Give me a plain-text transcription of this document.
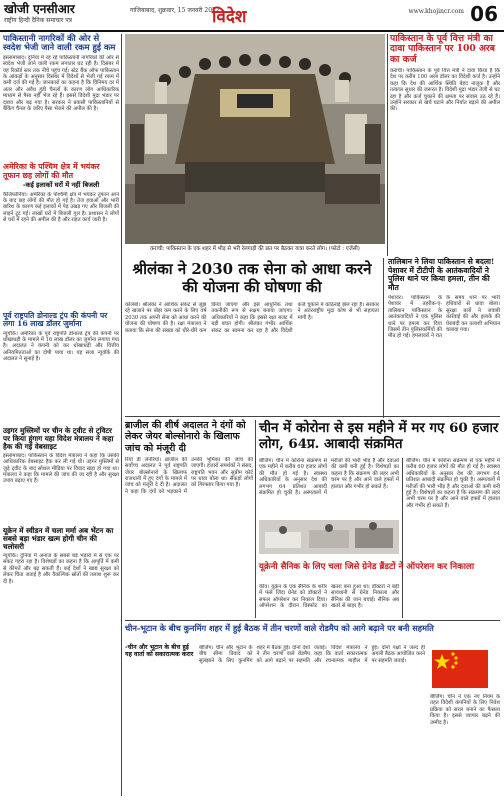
खोजी एनसीआर
राष्ट्रीय हिन्दी दैनिक समाचार पत्र
गाजियाबाद, शुक्रवार, 15 जनवरी 2022
विदेश	www.khojincr.com 06
पाकिस्तानी नागरिकों की ओर से स्वदेश भेजी जाने वाली रकम हुई कम
इस्लामाबाद। दुनिया में रह रहे पाकिस्तानी नागरिकों की ओर से स्वदेश भेजी जाने वाली रकम लगातार घट रही है। दिसंबर में यह रिकॉर्ड स्तर तक नीचे पहुंच गई। स्टेट बैंक ऑफ पाकिस्तान के आंकड़ों के अनुसार दिसंबर में विदेशों से भेजी गई रकम में कमी दर्ज की गई है। जानकारों का कहना है कि विनिमय दर में अंतर और अवैध हुंडी चैनलों के कारण लोग आधिकारिक माध्यम से पैसा नहीं भेज रहे हैं। इससे विदेशी मुद्रा भंडार पर दबाव और बढ़ गया है। सरकार ने प्रवासी पाकिस्तानियों से बैंकिंग चैनल के जरिए पैसा भेजने की अपील की है।
अमेरिका के पश्चिम क्षेत्र में भयंकर तूफान छह लोगों की मौत
-कई इलाकों घरों में नहीं बिजली
कैलिफोर्निया। अमेरिका के पश्चिमी क्षेत्र में भयंकर तूफान आने के बाद छह लोगों की मौत हो गई है। तेज हवाओं और भारी बारिश के कारण कई इलाकों में पेड़ उखड़ गए और बिजली की लाइनें टूट गईं। लाखों घरों में बिजली गुल है। प्रशासन ने लोगों से घरों में रहने की अपील की है और राहत कार्य जारी है।
पूर्व राष्ट्रपति डोनाल्ड ट्रंप की कंपनी पर लगा 16 लाख डॉलर जुर्माना
न्यूयॉर्क। अमेरिका के पूर्व राष्ट्रपति डोनाल्ड ट्रंप की कंपनी पर धोखाधड़ी के मामले में 16 लाख डॉलर का जुर्माना लगाया गया है। अदालत ने कंपनी को कर धोखाधड़ी और वित्तीय अनियमितताओं का दोषी पाया था। यह सजा न्यूयॉर्क की अदालत ने सुनाई है।
उइगर मुस्लिमों पर चीन के ट्वीट से ट्विटर पर किया हुंगाग यहा विदेश मंत्रालय ने कहा हैक की गई वेबसाइट
इस्लामाबाद। पाकिस्तान के विदेश मंत्रालय ने कहा कि उसकी आधिकारिक वेबसाइट हैक कर ली गई थी। उइगर मुस्लिमों से जुड़े ट्वीट के बाद सोशल मीडिया पर विवाद खड़ा हो गया था। मंत्रालय ने कहा कि मामले की जांच की जा रही है और सुरक्षा उपाय बढ़ाए गए हैं।
यूक्रेन में स्वीडन में चला मर्मा अब भेंटन का सबसे बड़ा भंडार खत्म होगी चीन की चलोसरी
न्यूयॉर्क। दुनिया में अनाज के सबसे बड़े भंडारों में से एक पर संकट गहरा रहा है। विशेषज्ञों का कहना है कि आपूर्ति में कमी से कीमतें और बढ़ सकती हैं। कई देशों ने खाद्य सुरक्षा को लेकर चिंता जताई है और वैकल्पिक स्रोतों की तलाश शुरू कर दी है।
कराची: पाकिस्तान के एक शहर में भीड़ से भरी रेलगाड़ी की छत पर बैठकर यात्रा करते लोग। (फोटो : एजेंसी)
पाकिस्तान के पूर्व वित्त मंत्री का दावा पाकिस्तान पर 100 अरब का कर्ज
कराची। पाकिस्तान के पूर्व वित्त मंत्री ने दावा किया है कि देश पर करीब 100 अरब डॉलर का विदेशी कर्ज है। उन्होंने कहा कि देश की आर्थिक स्थिति बेहद नाजुक है और तत्काल सुधार की जरूरत है। विदेशी मुद्रा भंडार तेजी से घट रहा है और कर्ज चुकाने की क्षमता पर सवाल उठ रहे हैं। उन्होंने सरकार से खर्च घटाने और निर्यात बढ़ाने की अपील की।
श्रीलंका ने 2030 तक सेना को आधा करने की योजना की घोषणा की
कोलंबो। श्रीलंका ने आर्थिक संकट से जूझ रहे खजाने पर बोझ कम करने के लिए वर्ष 2030 तक अपनी सेना को आधा करने की योजना की घोषणा की है। रक्षा मंत्रालय ने बताया कि सेना की संख्या को धीरे-धीरे कम किया जाएगा और इसे आधुनिक तथा तकनीकी रूप से सक्षम बनाया जाएगा। अधिकारियों ने कहा कि इससे रक्षा बजट में बड़ी बचत होगी। श्रीलंका गंभीर आर्थिक संकट का सामना कर रहा है और विदेशी कर्ज चुकाने में कठिनाई झेल रहा है। सरकार ने अंतरराष्ट्रीय मुद्रा कोष से भी सहायता मांगी है।
तालिबान ने लिया पाकिस्तान से बदला! पेशावर में टीटीपी के आतंकवादियों ने पुलिस थाने पर किया हमला, तीन की मौत
पेशावर। पाकिस्तान के पेशावर में तहरीक-ए-तालिबान पाकिस्तान के आतंकवादियों ने एक पुलिस थाने पर हमला कर दिया जिसमें तीन पुलिसकर्मियों की मौत हो गई। हमलावरों ने रात के समय थाने पर भारी हथियारों से धावा बोला। सुरक्षा बलों ने जवाबी कार्रवाई की और इलाके की घेराबंदी कर तलाशी अभियान चलाया गया।
ब्राजील की शीर्ष अदालत ने दंगों को लेकर जेयर बोल्सोनारो के खिलाफ जांच को मंजूरी दी
रियो डी जेनेरियो। ब्राजील की सर्वोच्च अदालत ने पूर्व राष्ट्रपति जेयर बोल्सोनारो के खिलाफ राजधानी में हुए दंगों के मामले में जांच को मंजूरी दे दी है। अदालत ने कहा कि दंगों को भड़काने में उनकी भूमिका की जांच की जाएगी। हजारों समर्थकों ने संसद, राष्ट्रपति भवन और सुप्रीम कोर्ट पर धावा बोला था। सैकड़ों लोगों को गिरफ्तार किया गया है।
चीन में कोरोना से इस महीने में मर गए 60 हजार लोग, 64प्र. आबादी संक्रमित
बीजिंग। चीन में कोरोना संक्रमण से एक महीने में करीब 60 हजार लोगों की मौत हो गई है। स्वास्थ्य अधिकारियों के अनुसार देश की लगभग 64 प्रतिशत आबादी संक्रमित हो चुकी है। अस्पतालों में मरीजों की भारी भीड़ है और दवाओं की कमी बनी हुई है। विशेषज्ञों का कहना है कि संक्रमण की लहर अभी चरम पर है और आने वाले हफ्तों में हालात और गंभीर हो सकते हैं।
यूक्रेनी सैनिक के लिए चला जिसे ग्रेनेड ब्रैंडटों ने ऑपरेशन कर निकाला
कीव। यूक्रेन के एक सैनिक के शरीर में फंसे जिंदा ग्रेनेड को डॉक्टरों ने सफल ऑपरेशन कर निकाल दिया। ऑपरेशन के दौरान विस्फोट का खतरा बना हुआ था। डॉक्टरों ने बड़ी सावधानी से ग्रेनेड निकाला और सैनिक की जान बचाई। सैनिक अब खतरे से बाहर है।
बीजिंग। चीन में कोरोना संक्रमण से एक महीने में करीब 60 हजार लोगों की मौत हो गई है। स्वास्थ्य अधिकारियों के अनुसार देश की लगभग 64 प्रतिशत आबादी संक्रमित हो चुकी है। अस्पतालों में मरीजों की भारी भीड़ है और दवाओं की कमी बनी हुई है। विशेषज्ञों का कहना है कि संक्रमण की लहर अभी चरम पर है और आने वाले हफ्तों में हालात और गंभीर हो सकते हैं।
चीन-भूटान के बीच कुनमिंग शहर में हुई बैठक में तीन चरणों वाले रोडमैप को आगे बढ़ाने पर बनी सहमति
-चीन और भूटान के बीच हुई यह वार्ता को सकारात्मक करार
बीजिंग। चीन और भूटान के बीच सीमा विवाद को सुलझाने के लिए कुनमिंग शहर में बैठक हुई। दोनों देशों ने तीन चरणों वाले रोडमैप को आगे बढ़ाने पर सहमति जताई। विदेश मंत्रालय ने कहा कि वार्ता सकारात्मक और रचनात्मक माहौल में हुई। दोनों पक्षों ने जल्द ही अगली बैठक आयोजित करने पर सहमति जताई।
बीजिंग। चीन ने एक नए नियम के तहत विदेशी कंपनियों के लिए निवेश प्रक्रिया को सरल बनाने का फैसला किया है। इससे व्यापार बढ़ने की उम्मीद है।
